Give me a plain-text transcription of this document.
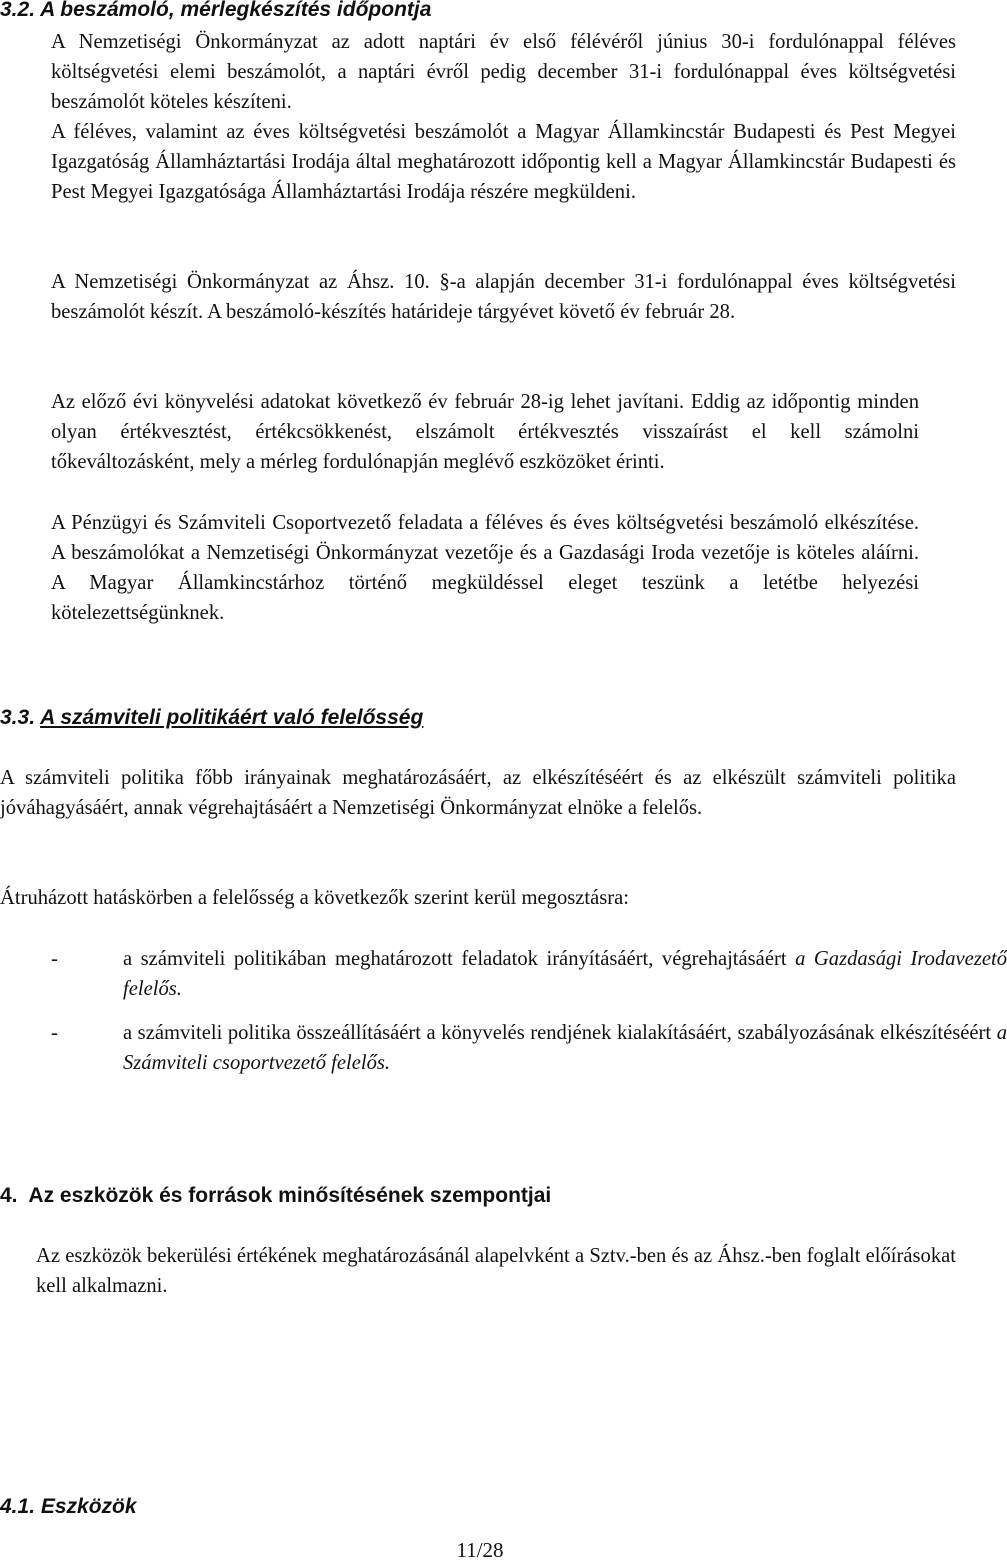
3.2. A beszámoló, mérlegkészítés időpontja

A Nemzetiségi Önkormányzat az adott naptári év első félévéről június 30-i fordulónappal féléves költségvetési elemi beszámolót, a naptári évről pedig december 31-i fordulónappal éves költségvetési beszámolót köteles készíteni.

A féléves, valamint az éves költségvetési beszámolót a Magyar Államkincstár Budapesti és Pest Megyei Igazgatóság Államháztartási Irodája által meghatározott időpontig kell a Magyar Államkincstár Budapesti és Pest Megyei Igazgatósága Államháztartási Irodája részére megküldeni.

A Nemzetiségi Önkormányzat az Áhsz. 10. §-a alapján december 31-i fordulónappal éves költségvetési beszámolót készít. A beszámoló-készítés határideje tárgyévet követő év február 28.

Az előző évi könyvelési adatokat következő év február 28-ig lehet javítani. Eddig az időpontig minden olyan értékvesztést, értékcsökkenést, elszámolt értékvesztés visszaírást el kell számolni tőkeváltozásként, mely a mérleg fordulónapján meglévő eszközöket érinti.

A Pénzügyi és Számviteli Csoportvezető feladata a féléves és éves költségvetési beszámoló elkészítése. A beszámolókat a Nemzetiségi Önkormányzat vezetője és a Gazdasági Iroda vezetője is köteles aláírni. A Magyar Államkincstárhoz történő megküldéssel eleget teszünk a letétbe helyezési kötelezettségünknek.

3.3. A számviteli politikáért való felelősség

A számviteli politika főbb irányainak meghatározásáért, az elkészítéséért és az elkészült számviteli politika jóváhagyásáért, annak végrehajtásáért a Nemzetiségi Önkormányzat elnöke a felelős.

Átruházott hatáskörben a felelősség a következők szerint kerül megosztásra:

-	a számviteli politikában meghatározott feladatok irányításáért, végrehajtásáért a Gazdasági Irodavezető felelős.
-	a számviteli politika összeállításáért a könyvelés rendjének kialakításáért, szabályozásának elkészítéséért a Számviteli csoportvezető felelős.
4.  Az eszközök és források minősítésének szempontjai

Az eszközök bekerülési értékének meghatározásánál alapelvként a Sztv.-ben és az Áhsz.-ben foglalt előírásokat kell alkalmazni.

4.1. Eszközök
11/28
